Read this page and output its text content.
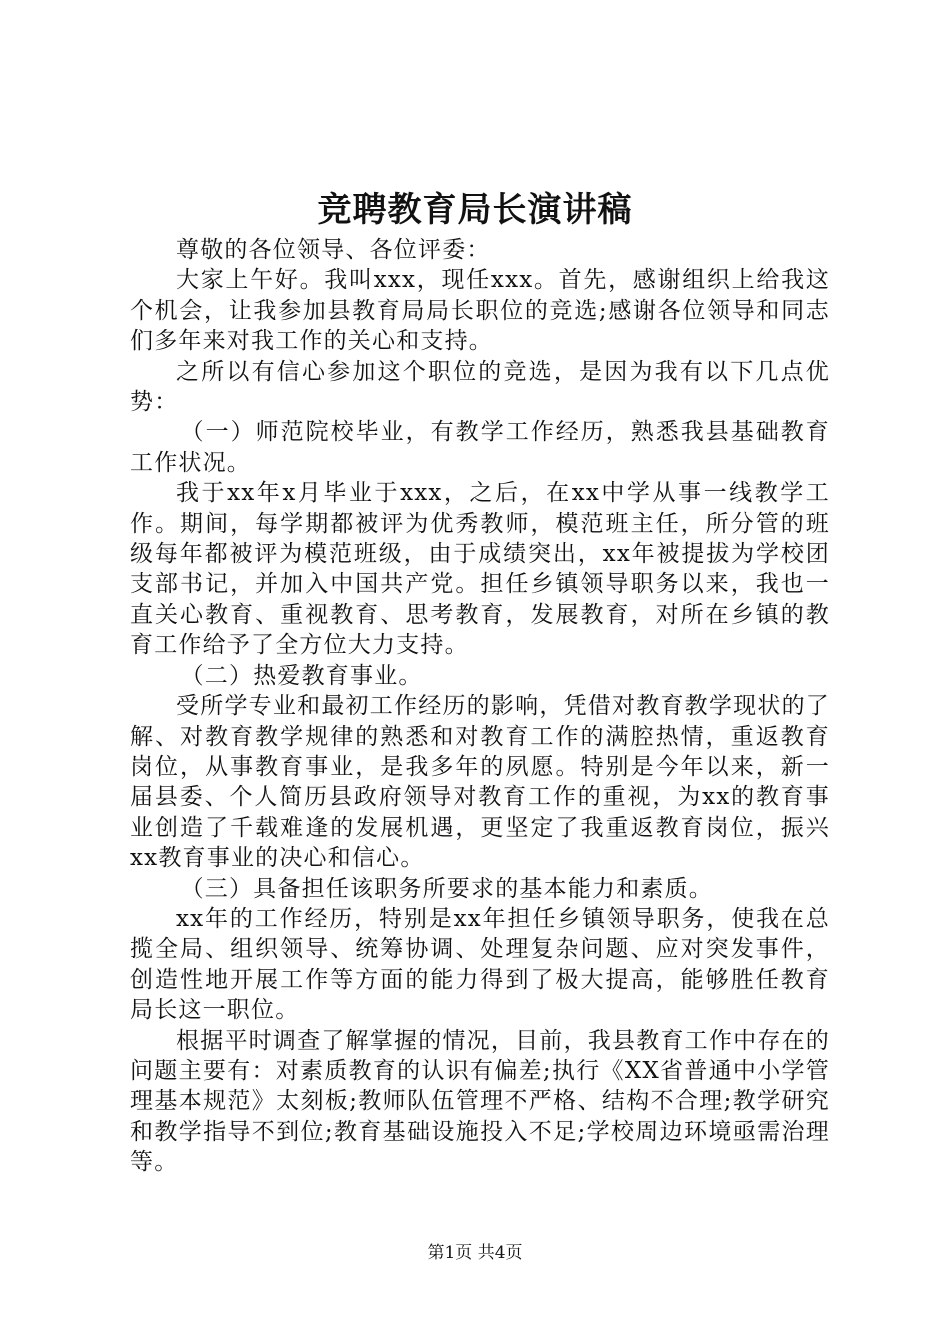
竞聘教育局长演讲稿

尊敬的各位领导、各位评委：

大家上午好。我叫xxx，现任xxx。首先，感谢组织上给我这个机会，让我参加县教育局局长职位的竞选;感谢各位领导和同志们多年来对我工作的关心和支持。

之所以有信心参加这个职位的竞选，是因为我有以下几点优势：

（一）师范院校毕业，有教学工作经历，熟悉我县基础教育工作状况。

我于xx年x月毕业于xxx，之后，在xx中学从事一线教学工作。期间，每学期都被评为优秀教师，模范班主任，所分管的班级每年都被评为模范班级，由于成绩突出，xx年被提拔为学校团支部书记，并加入中国共产党。担任乡镇领导职务以来，我也一直关心教育、重视教育、思考教育，发展教育，对所在乡镇的教育工作给予了全方位大力支持。

（二）热爱教育事业。

受所学专业和最初工作经历的影响，凭借对教育教学现状的了解、对教育教学规律的熟悉和对教育工作的满腔热情，重返教育岗位，从事教育事业，是我多年的夙愿。特别是今年以来，新一届县委、个人简历县政府领导对教育工作的重视，为xx的教育事业创造了千载难逢的发展机遇，更坚定了我重返教育岗位，振兴xx教育事业的决心和信心。

（三）具备担任该职务所要求的基本能力和素质。

xx年的工作经历，特别是xx年担任乡镇领导职务，使我在总揽全局、组织领导、统筹协调、处理复杂问题、应对突发事件，创造性地开展工作等方面的能力得到了极大提高，能够胜任教育局长这一职位。

根据平时调查了解掌握的情况，目前，我县教育工作中存在的问题主要有：对素质教育的认识有偏差;执行《XX省普通中小学管理基本规范》太刻板;教师队伍管理不严格、结构不合理;教学研究和教学指导不到位;教育基础设施投入不足;学校周边环境亟需治理等。

第1页 共4页
